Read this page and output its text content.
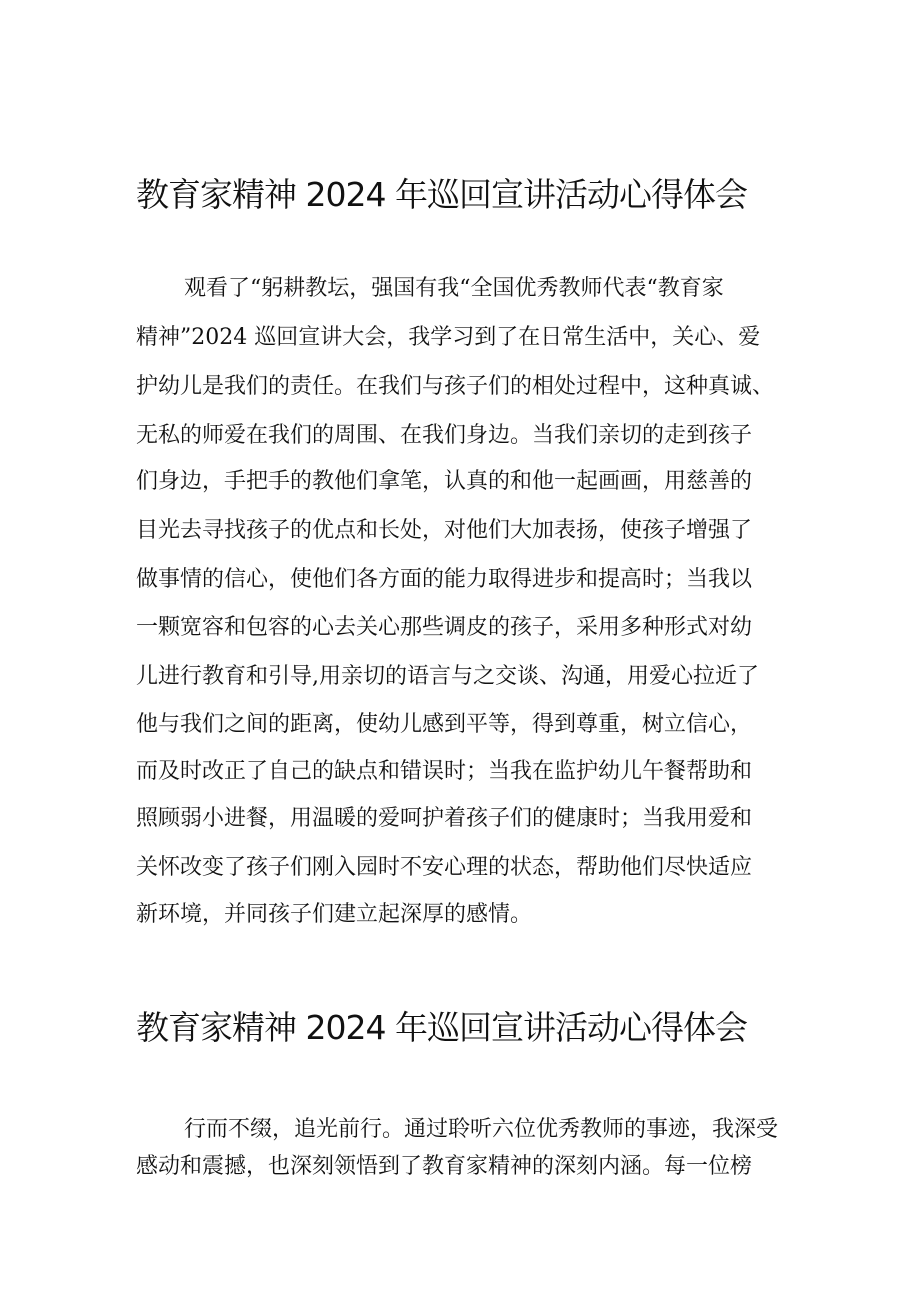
教育家精神 2024 年巡回宣讲活动心得体会

观看了“躬耕教坛，强国有我“全国优秀教师代表“教育家

精神”2024 巡回宣讲大会，我学习到了在日常生活中，关心、爱

护幼儿是我们的责任。在我们与孩子们的相处过程中，这种真诚、

无私的师爱在我们的周围、在我们身边。当我们亲切的走到孩子

们身边，手把手的教他们拿笔，认真的和他一起画画，用慈善的

目光去寻找孩子的优点和长处，对他们大加表扬，使孩子增强了

做事情的信心，使他们各方面的能力取得进步和提高时；当我以

一颗宽容和包容的心去关心那些调皮的孩子，采用多种形式对幼

儿进行教育和引导,用亲切的语言与之交谈、沟通，用爱心拉近了

他与我们之间的距离，使幼儿感到平等，得到尊重，树立信心，

而及时改正了自己的缺点和错误时；当我在监护幼儿午餐帮助和

照顾弱小进餐，用温暖的爱呵护着孩子们的健康时；当我用爱和

关怀改变了孩子们刚入园时不安心理的状态，帮助他们尽快适应

新环境，并同孩子们建立起深厚的感情。

教育家精神 2024 年巡回宣讲活动心得体会

行而不缀，追光前行。通过聆听六位优秀教师的事迹，我深受

感动和震撼，也深刻领悟到了教育家精神的深刻内涵。每一位榜
